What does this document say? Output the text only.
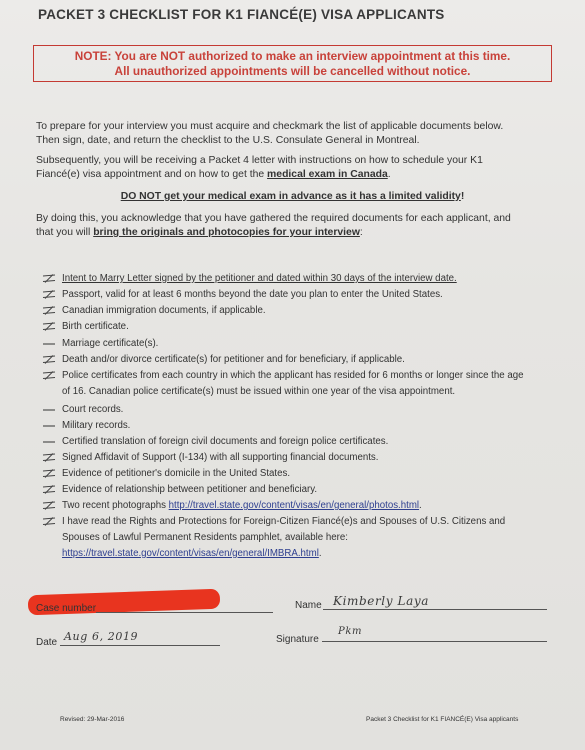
PACKET 3 CHECKLIST FOR K1 FIANCÉ(E) VISA APPLICANTS
NOTE: You are NOT authorized to make an interview appointment at this time.
All unauthorized appointments will be cancelled without notice.
To prepare for your interview you must acquire and checkmark the list of applicable documents below.
Then sign, date, and return the checklist to the U.S. Consulate General in Montreal.
Subsequently, you will be receiving a Packet 4 letter with instructions on how to schedule your K1
Fiancé(e) visa appointment and on how to get the medical exam in Canada.
DO NOT get your medical exam in advance as it has a limited validity!
By doing this, you acknowledge that you have gathered the required documents for each applicant, and
that you will bring the originals and photocopies for your interview:
Intent to Marry Letter signed by the petitioner and dated within 30 days of the interview date.
Passport, valid for at least 6 months beyond the date you plan to enter the United States.
Canadian immigration documents, if applicable.
Birth certificate.
Marriage certificate(s).
Death and/or divorce certificate(s) for petitioner and for beneficiary, if applicable.
Police certificates from each country in which the applicant has resided for 6 months or longer since the age
of 16. Canadian police certificate(s) must be issued within one year of the visa appointment.
Court records.
Military records.
Certified translation of foreign civil documents and foreign police certificates.
Signed Affidavit of Support (I-134) with all supporting financial documents.
Evidence of petitioner's domicile in the United States.
Evidence of relationship between petitioner and beneficiary.
Two recent photographs http://travel.state.gov/content/visas/en/general/photos.html.
I have read the Rights and Protections for Foreign-Citizen Fiancé(e)s and Spouses of U.S. Citizens and
Spouses of Lawful Permanent Residents pamphlet, available here:
https://travel.state.gov/content/visas/en/general/IMBRA.html.
Case number	Name Kimberly Laya
Date Aug 6, 2019	Signature
Pkm
Revised: 29-Mar-2016	Packet 3 Checklist for K1 FIANCÉ(E) Visa applicants
